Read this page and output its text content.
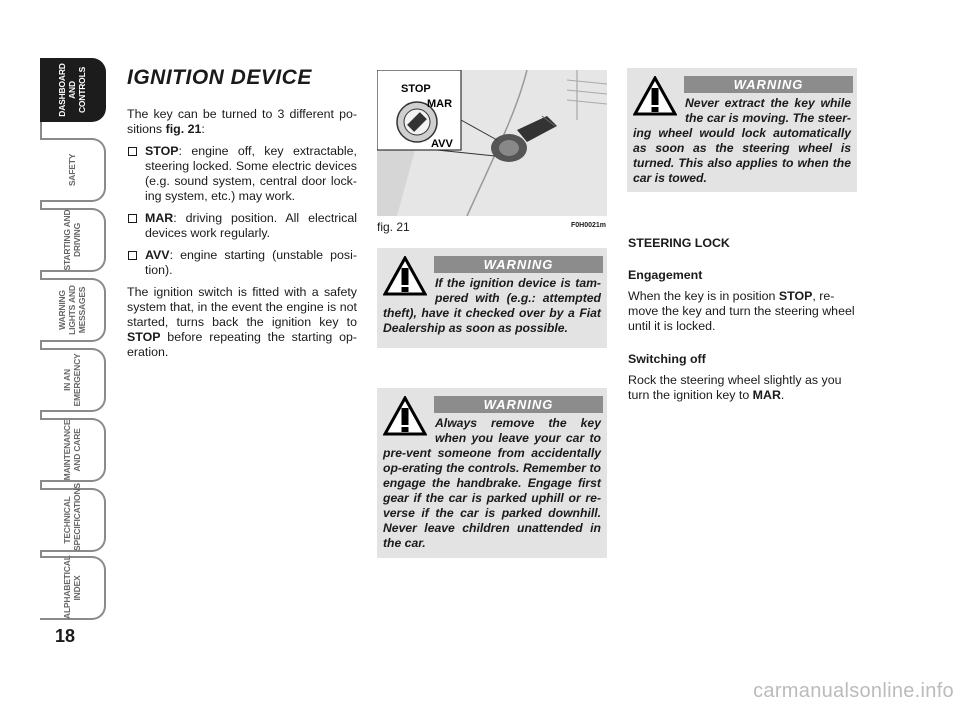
DASHBOARD AND CONTROLS
SAFETY
STARTING AND DRIVING
WARNING LIGHTS AND MESSAGES
IN AN EMERGENCY
MAINTENANCE AND CARE
TECHNICAL SPECIFICATIONS
ALPHABETICAL INDEX
18
IGNITION DEVICE

The key can be turned to 3 different po-sitions fig. 21:

STOP: engine off, key extractable, steering locked. Some electric devices (e.g. sound system, central door lock-ing system, etc.) may work.
MAR: driving position. All electrical devices work regularly.
AVV: engine starting (unstable posi-tion).

The ignition switch is fitted with a safety system that, in the event the engine is not started, turns back the ignition key to STOP before repeating the starting op-eration.

STOP
MAR
AVV
fig. 21	F0H0021m
WARNING
If the ignition device is tam-pered with (e.g.: attempted theft), have it checked over by a Fiat Dealership as soon as possible.
WARNING
Always remove the key when you leave your car to pre-vent someone from accidentally op-erating the controls. Remember to engage the handbrake. Engage first gear if the car is parked uphill or re-verse if the car is parked downhill. Never leave children unattended in the car.
WARNING
Never extract the key while the car is moving. The steer-ing wheel would lock automatically as soon as the steering wheel is turned. This also applies to when the car is towed.
STEERING LOCK
Engagement

When the key is in position STOP, re-move the key and turn the steering wheel until it is locked.

Switching off

Rock the steering wheel slightly as you turn the ignition key to MAR.

carmanualsonline.info
